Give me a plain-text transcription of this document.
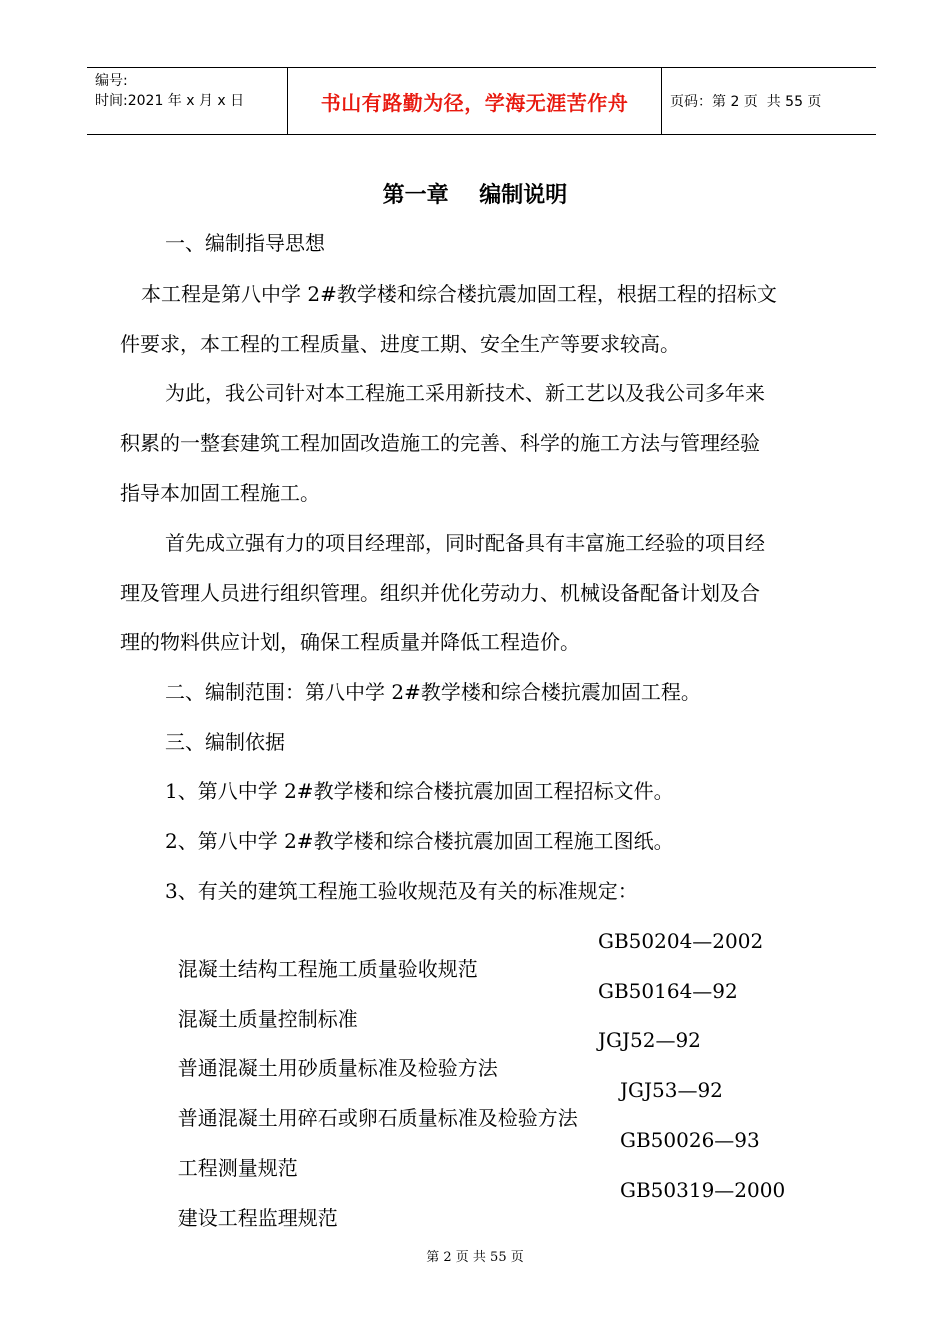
编号:
时间:2021 年 x 月 x 日	书山有路勤为径，学海无涯苦作舟	页码：第 2 页  共 55 页
第一章    编制说明
一、编制指导思想
本工程是第八中学 2#教学楼和综合楼抗震加固工程，根据工程的招标文
件要求，本工程的工程质量、进度工期、安全生产等要求较高。
为此，我公司针对本工程施工采用新技术、新工艺以及我公司多年来
积累的一整套建筑工程加固改造施工的完善、科学的施工方法与管理经验
指导本加固工程施工。
首先成立强有力的项目经理部，同时配备具有丰富施工经验的项目经
理及管理人员进行组织管理。组织并优化劳动力、机械设备配备计划及合
理的物料供应计划，确保工程质量并降低工程造价。
二、编制范围：第八中学 2#教学楼和综合楼抗震加固工程。
三、编制依据
1、第八中学 2#教学楼和综合楼抗震加固工程招标文件。
2、第八中学 2#教学楼和综合楼抗震加固工程施工图纸。
3、有关的建筑工程施工验收规范及有关的标准规定：

混凝土结构工程施工质量验收规范

GB50204—2002

混凝土质量控制标准

GB50164—92

普通混凝土用砂质量标准及检验方法

JGJ52—92

普通混凝土用碎石或卵石质量标准及检验方法

JGJ53—92

工程测量规范

GB50026—93

建设工程监理规范

GB50319—2000

第 2 页 共 55 页
